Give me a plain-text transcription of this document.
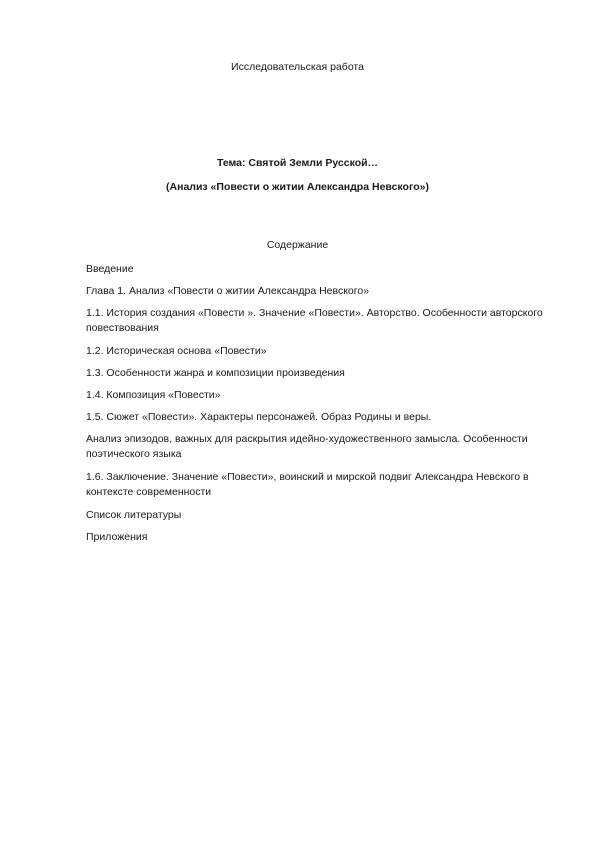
Исследовательская работа
Тема: Святой Земли Русской…
(Анализ «Повести о житии Александра Невского»)
Содержание
Введение
Глава 1. Анализ «Повести о житии Александра Невского»
1.1. История создания «Повести ». Значение «Повести». Авторство. Особенности авторского повествования
1.2. Историческая основа «Повести»
1.3. Особенности жанра и композиции произведения
1.4. Композиция «Повести»
1.5. Сюжет «Повести». Характеры персонажей. Образ Родины и веры.
Анализ эпизодов, важных для раскрытия идейно-художественного замысла. Особенности поэтического языка
1.6. Заключение. Значение «Повести», воинский и мирской подвиг Александра Невского в контексте современности
Список литературы
Приложения
